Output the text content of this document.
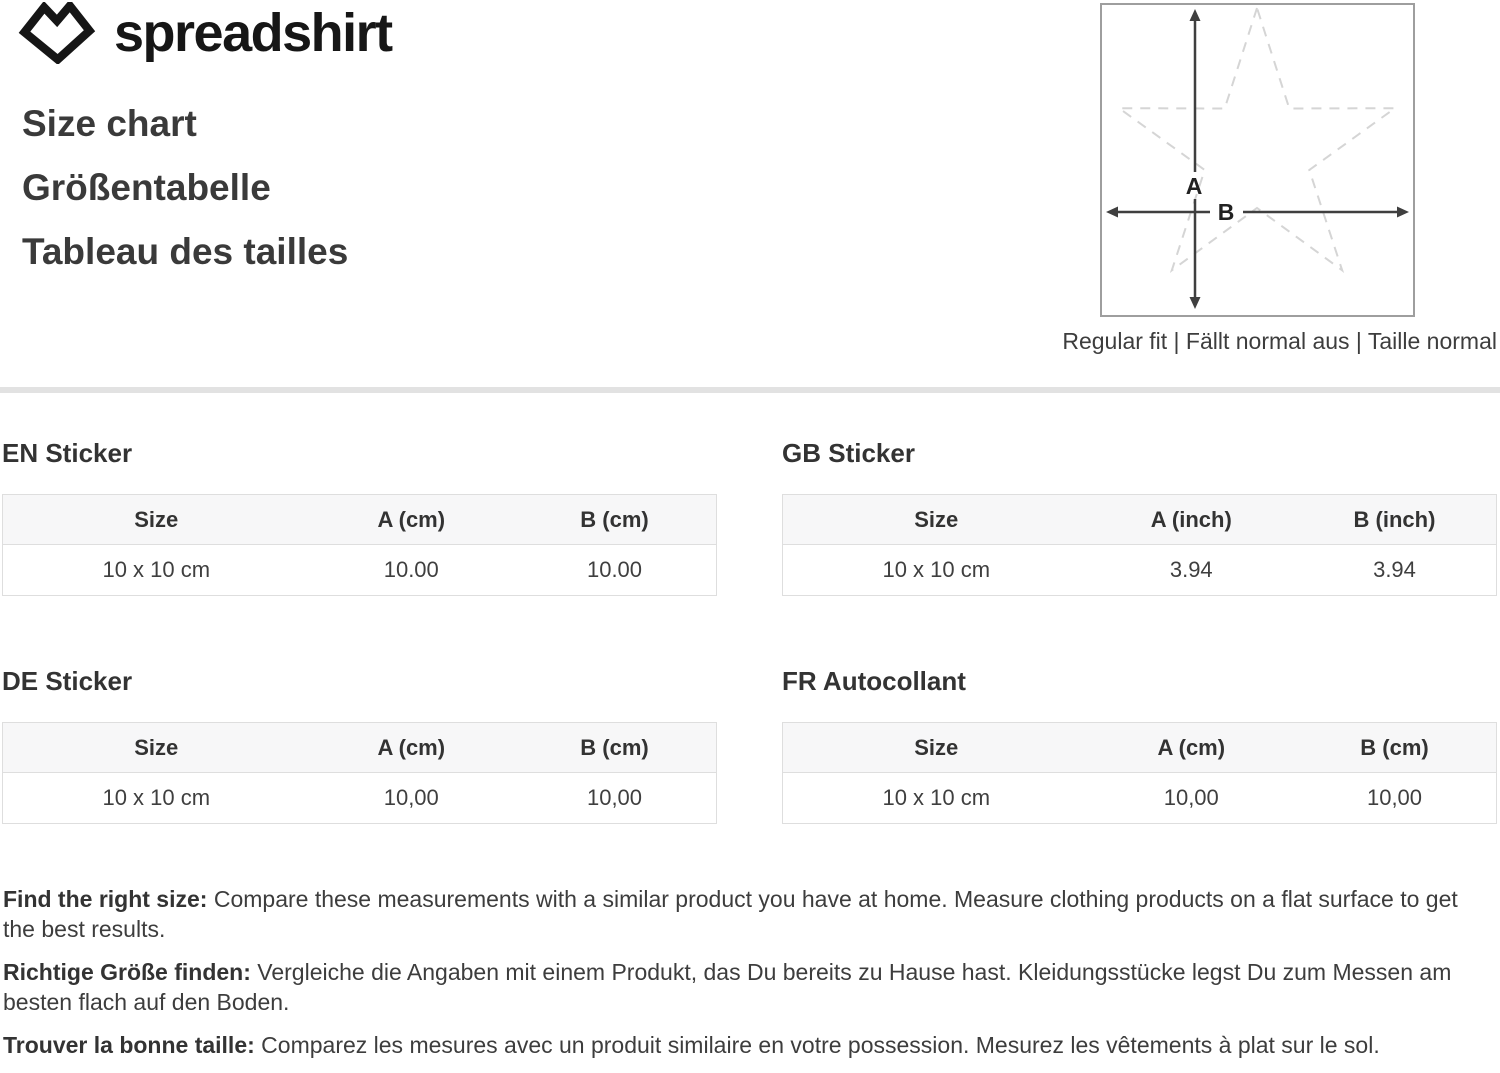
spreadshirt
Size chart
Größentabelle
Tableau des tailles
A
B
Regular fit | Fällt normal aus | Taille normal
EN Sticker
Size	A (cm)	B (cm)
10 x 10 cm	10.00	10.00
GB Sticker
Size	A (inch)	B (inch)
10 x 10 cm	3.94	3.94
DE Sticker
Size	A (cm)	B (cm)
10 x 10 cm	10,00	10,00
FR Autocollant
Size	A (cm)	B (cm)
10 x 10 cm	10,00	10,00

Find the right size: Compare these measurements with a similar product you have at home. Measure clothing products on a flat surface to get the best results.

Richtige Größe finden: Vergleiche die Angaben mit einem Produkt, das Du bereits zu Hause hast. Kleidungsstücke legst Du zum Messen am besten flach auf den Boden.

Trouver la bonne taille: Comparez les mesures avec un produit similaire en votre possession. Mesurez les vêtements à plat sur le sol.
